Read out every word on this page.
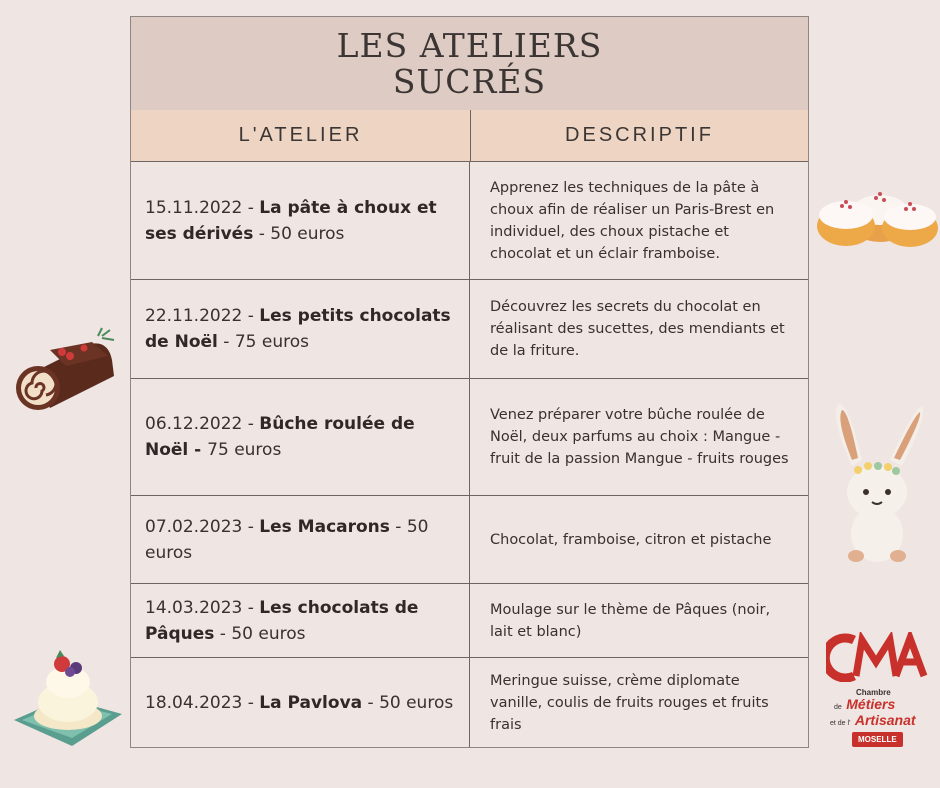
LES ATELIERS
SUCRÉS
L'ATELIER	DESCRIPTIF
15.11.2022 - La pâte à choux et ses dérivés - 50 euros
Apprenez les techniques de la pâte à choux afin de réaliser un Paris-Brest en individuel, des choux pistache et chocolat et un éclair framboise.
22.11.2022 - Les petits chocolats de Noël - 75 euros
Découvrez les secrets du chocolat en réalisant des sucettes, des mendiants et de la friture.
06.12.2022 - Bûche roulée de Noël - 75 euros
Venez préparer votre bûche roulée de Noël, deux parfums au choix : Mangue - fruit de la passion Mangue - fruits rouges
07.02.2023 - Les Macarons - 50 euros
Chocolat, framboise, citron et pistache
14.03.2023 - Les chocolats de Pâques - 50 euros
Moulage sur le thème de Pâques (noir, lait et blanc)
18.04.2023 - La Pavlova - 50 euros
Meringue suisse, crème diplomate vanille, coulis de fruits rouges et fruits frais
Chambre
de Métiers
et de l' Artisanat
MOSELLE
